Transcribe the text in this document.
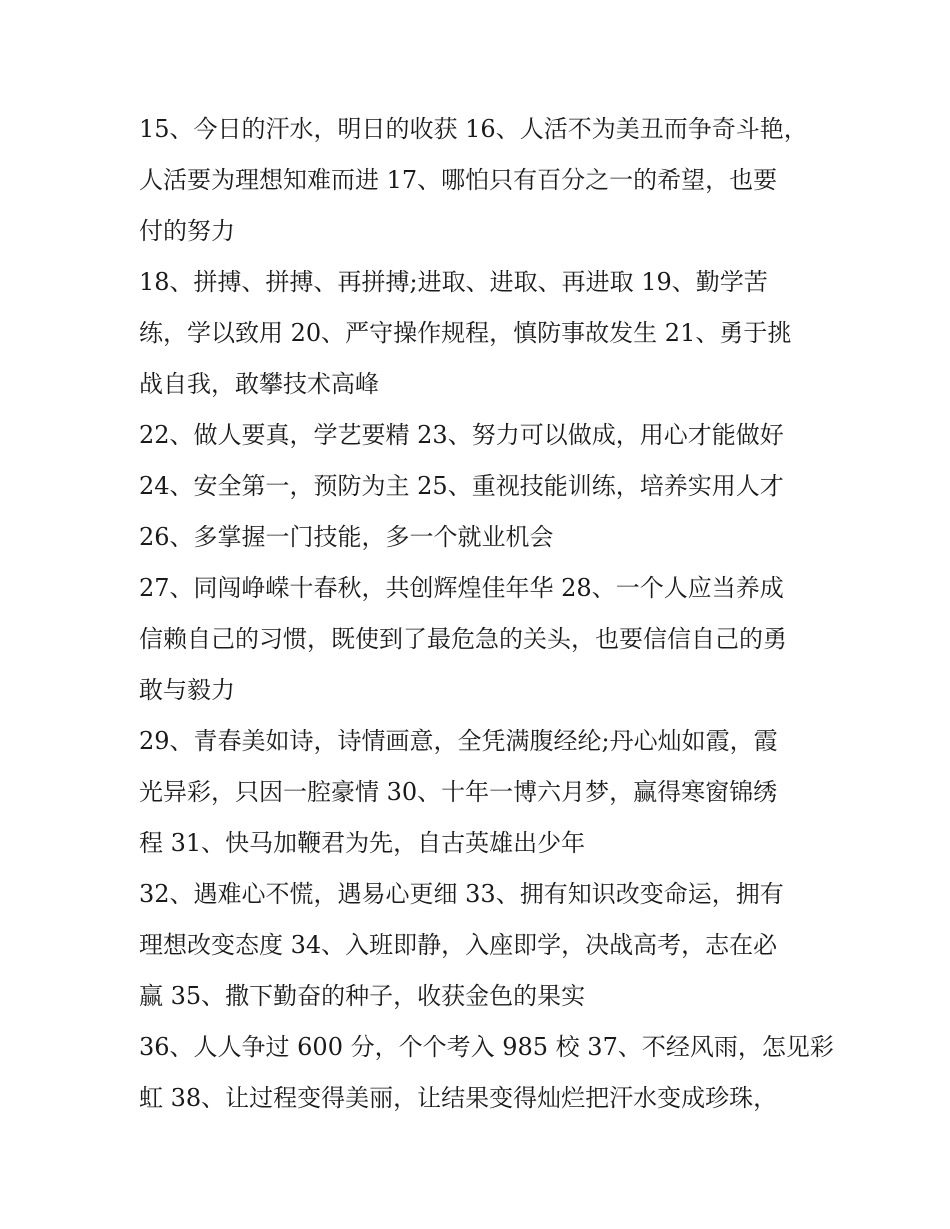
15、今日的汗水，明日的收获 16、人活不为美丑而争奇斗艳，
人活要为理想知难而进 17、哪怕只有百分之一的希望，也要
付的努力
18、拼搏、拼搏、再拼搏;进取、进取、再进取 19、勤学苦
练，学以致用 20、严守操作规程，慎防事故发生 21、勇于挑
战自我，敢攀技术高峰
22、做人要真，学艺要精 23、努力可以做成，用心才能做好
24、安全第一，预防为主 25、重视技能训练，培养实用人才
26、多掌握一门技能，多一个就业机会
27、同闯峥嵘十春秋，共创辉煌佳年华 28、一个人应当养成
信赖自己的习惯，既使到了最危急的关头，也要信信自己的勇
敢与毅力
29、青春美如诗，诗情画意，全凭满腹经纶;丹心灿如霞，霞
光异彩，只因一腔豪情 30、十年一博六月梦，赢得寒窗锦绣
程 31、快马加鞭君为先，自古英雄出少年
32、遇难心不慌，遇易心更细 33、拥有知识改变命运，拥有
理想改变态度 34、入班即静，入座即学，决战高考，志在必
赢 35、撒下勤奋的种子，收获金色的果实
36、人人争过 600 分，个个考入 985 校 37、不经风雨，怎见彩
虹 38、让过程变得美丽，让结果变得灿烂把汗水变成珍珠，
